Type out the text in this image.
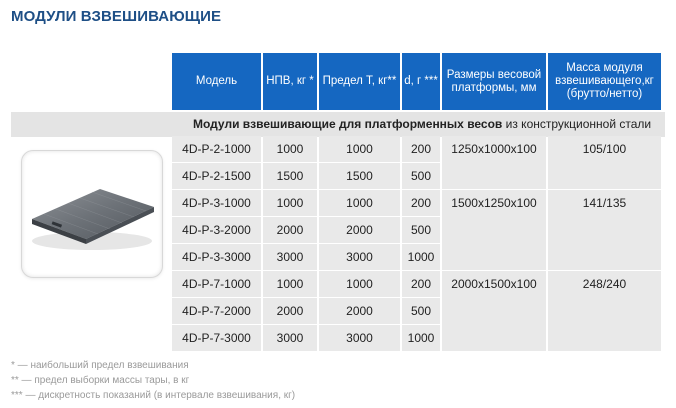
МОДУЛИ ВЗВЕШИВАЮЩИЕ
Модули взвешивающие для платформенных весов из конструкционной стали
Модель	НПВ, кг *	Предел Т, кг**	d, г ***	Размеры весовой платформы, мм	Масса модуля взвешивающего,кг (брутто/нетто)

4D-P-2-1000	1000	1000	200	1250x1000x100	105/100
4D-P-2-1500	1500	1500	500		
4D-P-3-1000	1000	1000	200	1500x1250x100	141/135
4D-P-3-2000	2000	2000	500		
4D-P-3-3000	3000	3000	1000		
4D-P-7-1000	1000	1000	200	2000x1500x100	248/240
4D-P-7-2000	2000	2000	500		
4D-P-7-3000	3000	3000	1000		
* — наибольший предел взвешивания
** — предел выборки массы тары, в кг
*** — дискретность показаний (в интервале взвешивания, кг)
